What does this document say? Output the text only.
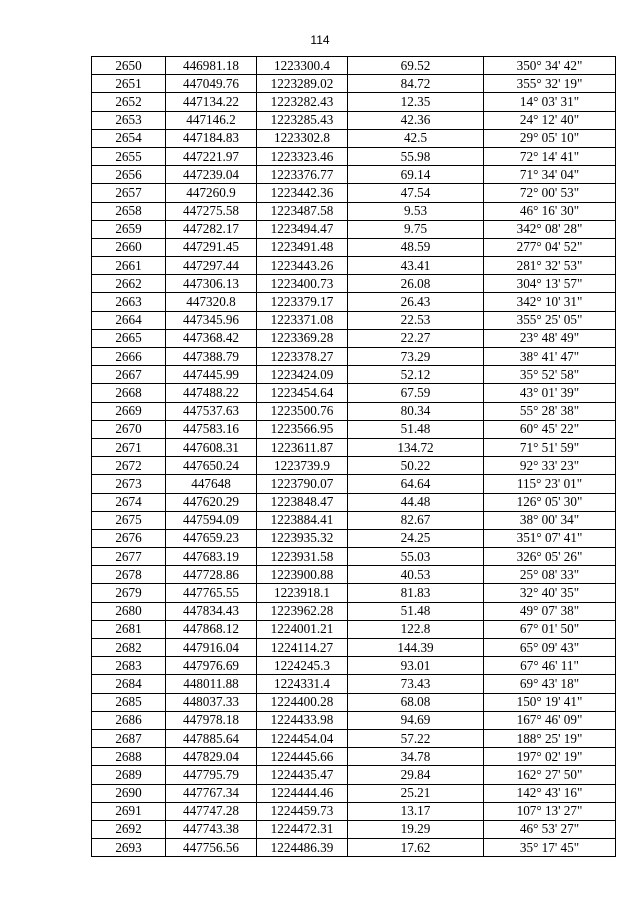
114
2650	446981.18	1223300.4	69.52	350° 34' 42"
2651	447049.76	1223289.02	84.72	355° 32' 19"
2652	447134.22	1223282.43	12.35	14° 03' 31"
2653	447146.2	1223285.43	42.36	24° 12' 40"
2654	447184.83	1223302.8	42.5	29° 05' 10"
2655	447221.97	1223323.46	55.98	72° 14' 41"
2656	447239.04	1223376.77	69.14	71° 34' 04"
2657	447260.9	1223442.36	47.54	72° 00' 53"
2658	447275.58	1223487.58	9.53	46° 16' 30"
2659	447282.17	1223494.47	9.75	342° 08' 28"
2660	447291.45	1223491.48	48.59	277° 04' 52"
2661	447297.44	1223443.26	43.41	281° 32' 53"
2662	447306.13	1223400.73	26.08	304° 13' 57"
2663	447320.8	1223379.17	26.43	342° 10' 31"
2664	447345.96	1223371.08	22.53	355° 25' 05"
2665	447368.42	1223369.28	22.27	23° 48' 49"
2666	447388.79	1223378.27	73.29	38° 41' 47"
2667	447445.99	1223424.09	52.12	35° 52' 58"
2668	447488.22	1223454.64	67.59	43° 01' 39"
2669	447537.63	1223500.76	80.34	55° 28' 38"
2670	447583.16	1223566.95	51.48	60° 45' 22"
2671	447608.31	1223611.87	134.72	71° 51' 59"
2672	447650.24	1223739.9	50.22	92° 33' 23"
2673	447648	1223790.07	64.64	115° 23' 01"
2674	447620.29	1223848.47	44.48	126° 05' 30"
2675	447594.09	1223884.41	82.67	38° 00' 34"
2676	447659.23	1223935.32	24.25	351° 07' 41"
2677	447683.19	1223931.58	55.03	326° 05' 26"
2678	447728.86	1223900.88	40.53	25° 08' 33"
2679	447765.55	1223918.1	81.83	32° 40' 35"
2680	447834.43	1223962.28	51.48	49° 07' 38"
2681	447868.12	1224001.21	122.8	67° 01' 50"
2682	447916.04	1224114.27	144.39	65° 09' 43"
2683	447976.69	1224245.3	93.01	67° 46' 11"
2684	448011.88	1224331.4	73.43	69° 43' 18"
2685	448037.33	1224400.28	68.08	150° 19' 41"
2686	447978.18	1224433.98	94.69	167° 46' 09"
2687	447885.64	1224454.04	57.22	188° 25' 19"
2688	447829.04	1224445.66	34.78	197° 02' 19"
2689	447795.79	1224435.47	29.84	162° 27' 50"
2690	447767.34	1224444.46	25.21	142° 43' 16"
2691	447747.28	1224459.73	13.17	107° 13' 27"
2692	447743.38	1224472.31	19.29	46° 53' 27"
2693	447756.56	1224486.39	17.62	35° 17' 45"
